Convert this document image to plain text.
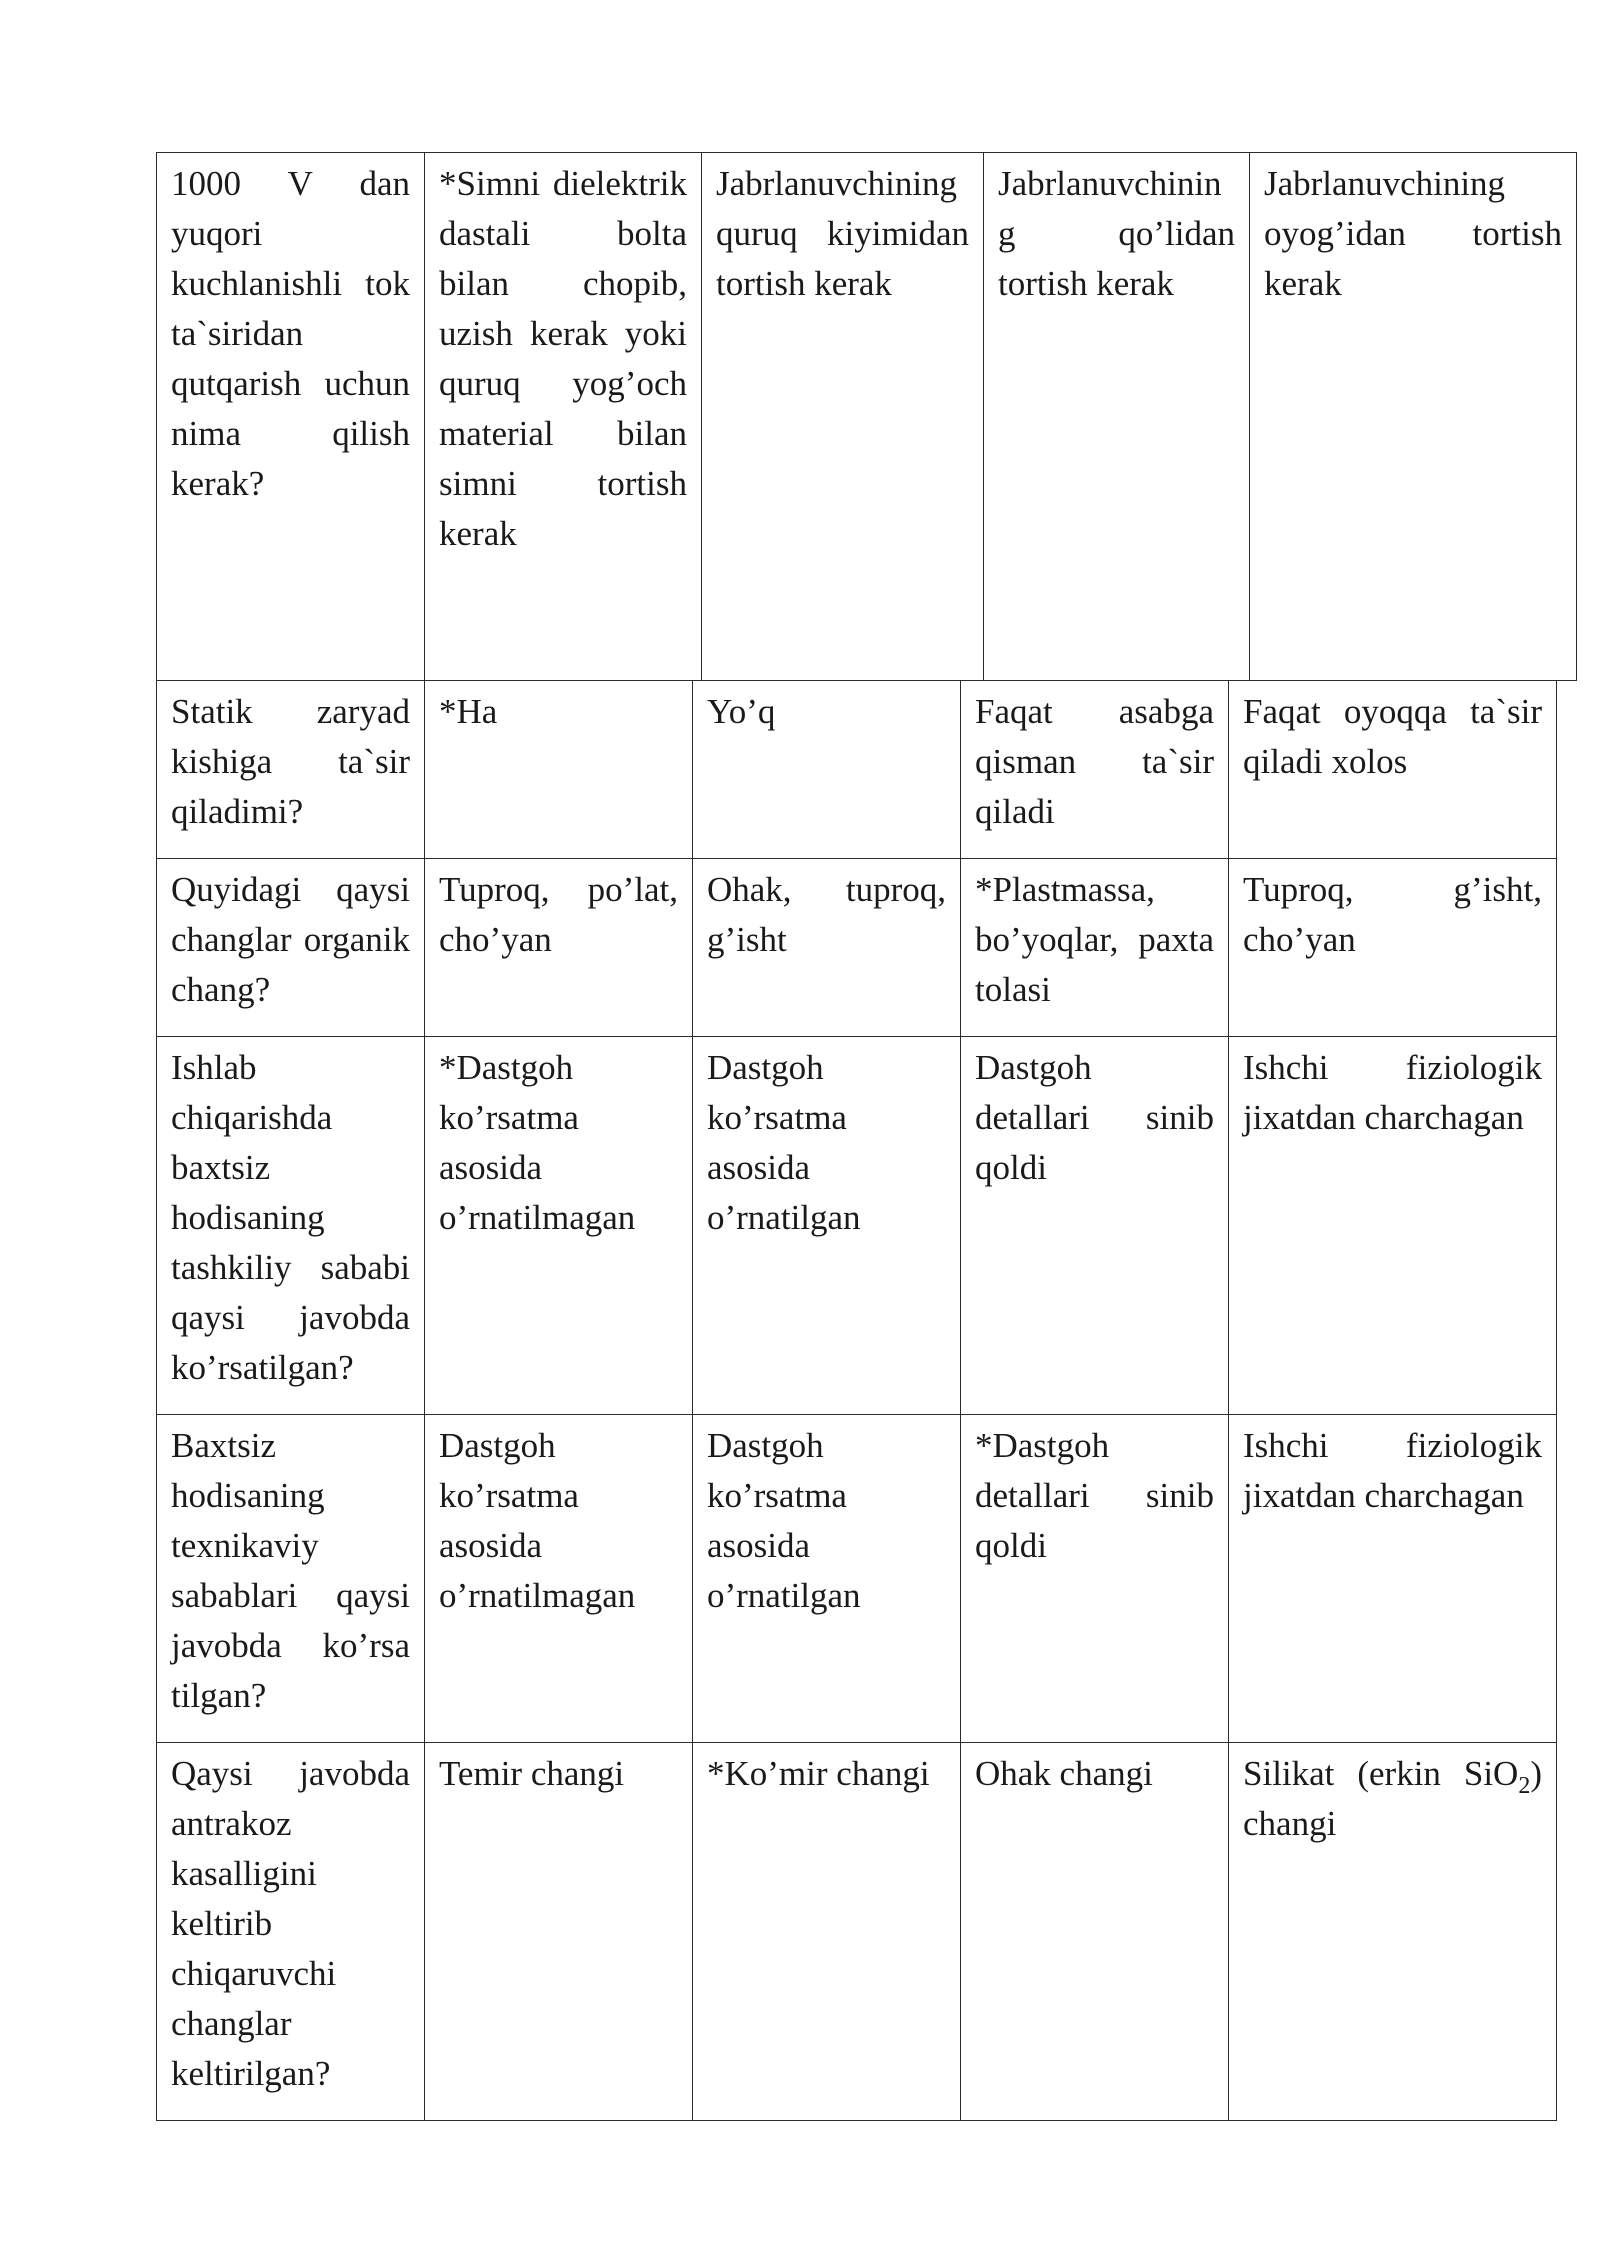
1000 V dan yuqori kuchlanishli tok ta`siridan qutqarish uchun nima qilish kerak?	*Simni dielektrik dastali bolta bilan chopib, uzish kerak yoki quruq yog’och material bilan simni tortish kerak	Jabrlanuvchining quruq kiyimidan tortish kerak	Jabrlanuvchining qo’lidan tortish kerak	Jabrlanuvchining oyog’idan tortish kerak
Statik zaryad kishiga ta`sir qiladimi?	*Ha	Yo’q	Faqat asabga qisman ta`sir qiladi	Faqat oyoqqa ta`sir qiladi xolos
Quyidagi qaysi changlar organik chang?	Tuproq, po’lat, cho’yan	Ohak, tuproq, g’isht	*Plastmassa, bo’yoqlar, paxta tolasi	Tuproq, g’isht, cho’yan
Ishlab chiqarishda baxtsiz hodisaning tashkiliy sababi qaysi javobda ko’rsatilgan?	*Dastgoh ko’rsatma asosida o’rnatilmagan	Dastgoh ko’rsatma asosida o’rnatilgan	Dastgoh detallari sinib qoldi	Ishchi fiziologik jixatdan charchagan
Baxtsiz hodisaning texnikaviy sabablari qaysi javobda ko’rsa tilgan?	Dastgoh ko’rsatma asosida o’rnatilmagan	Dastgoh ko’rsatma asosida o’rnatilgan	*Dastgoh detallari sinib qoldi	Ishchi fiziologik jixatdan charchagan
Qaysi javobda antrakoz kasalligini keltirib chiqaruvchi changlar keltirilgan?	Temir changi	*Ko’mir changi	Ohak changi	Silikat (erkin SiO$_2$) changi
